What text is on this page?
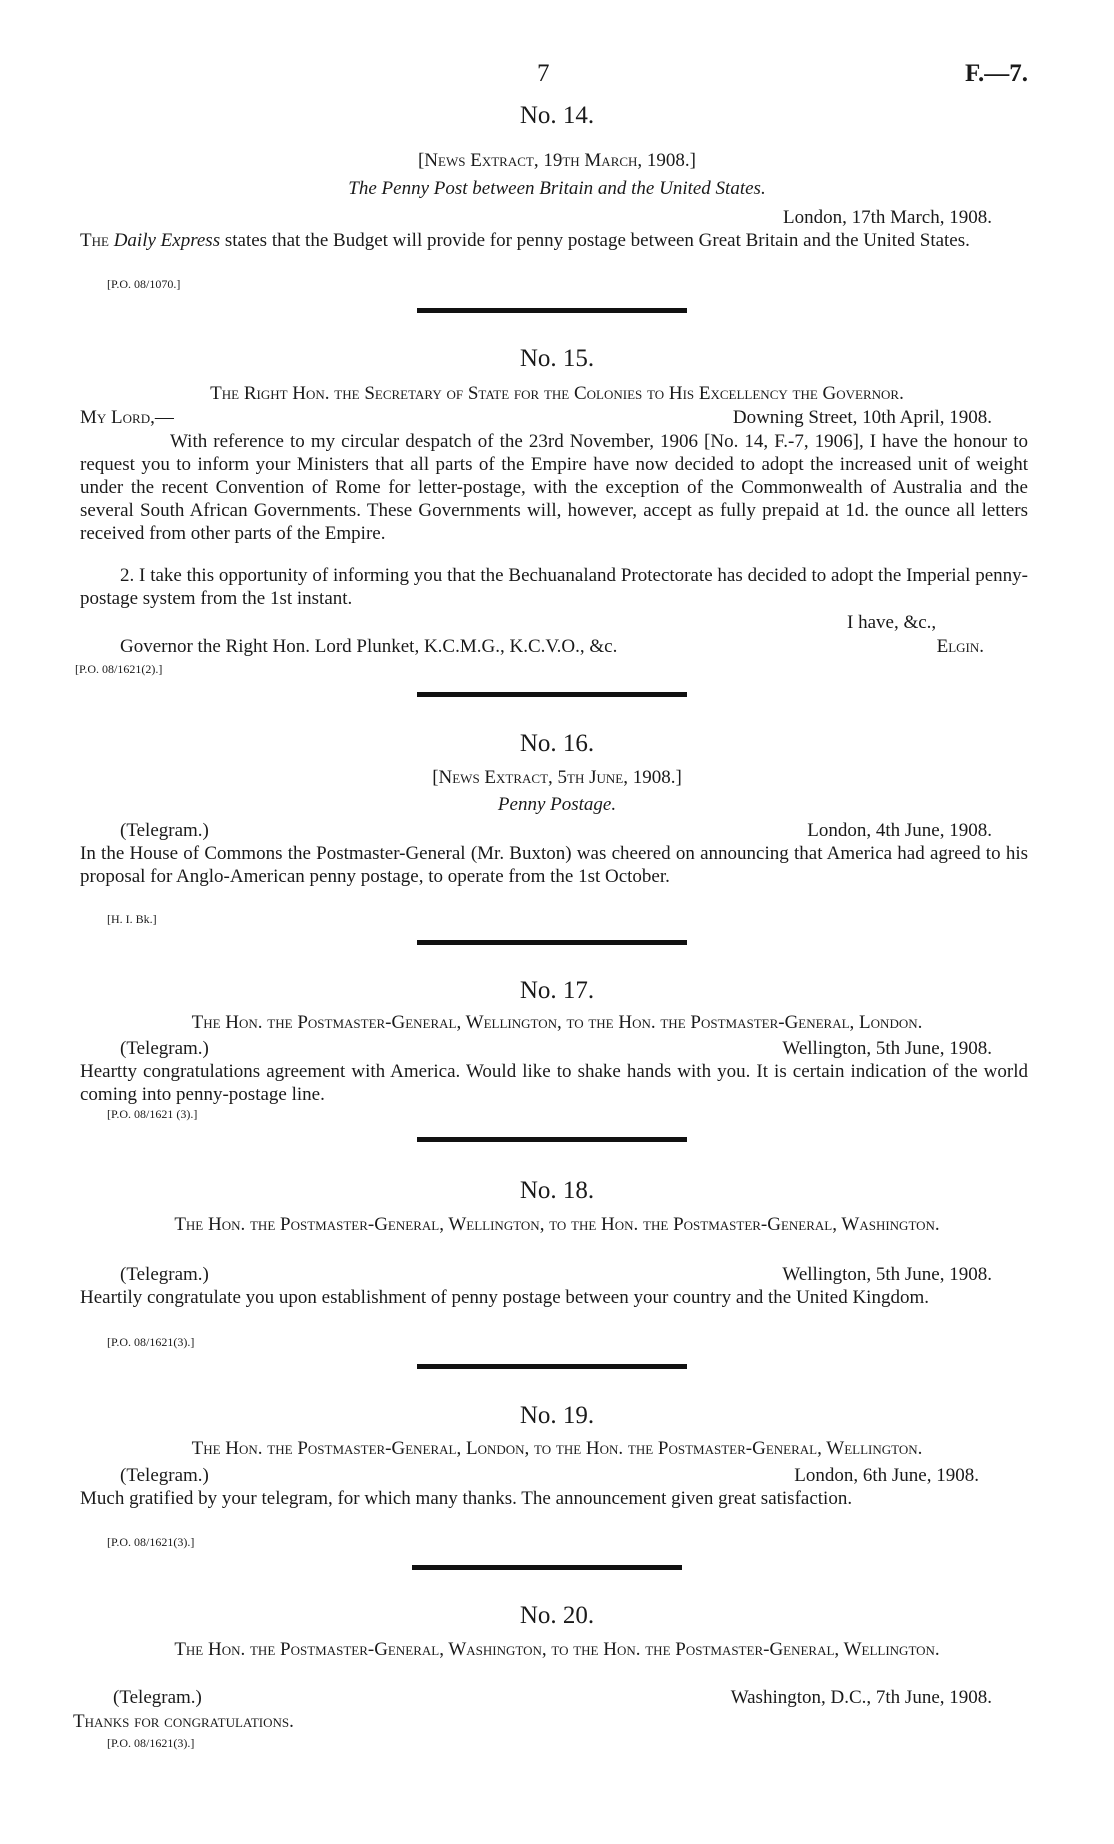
7	F.—7.
No. 14.
[News Extract, 19th March, 1908.]
The Penny Post between Britain and the United States.
London, 17th March, 1908.
The Daily Express states that the Budget will provide for penny postage between Great Britain and the United States.
[P.O. 08/1070.]
No. 15.
The Right Hon. the Secretary of State for the Colonies to His Excellency the Governor.
My Lord,—	Downing Street, 10th April, 1908.
With reference to my circular despatch of the 23rd November, 1906 [No. 14, F.-7, 1906], I have the honour to request you to inform your Ministers that all parts of the Empire have now decided to adopt the increased unit of weight under the recent Convention of Rome for letter-postage, with the exception of the Commonwealth of Australia and the several South African Governments. These Governments will, however, accept as fully prepaid at 1d. the ounce all letters received from other parts of the Empire.
2. I take this opportunity of informing you that the Bechuanaland Protectorate has decided to adopt the Imperial penny-postage system from the 1st instant.
I have, &c.,
Governor the Right Hon. Lord Plunket, K.C.M.G., K.C.V.O., &c.	Elgin.
[P.O. 08/1621(2).]
No. 16.
[News Extract, 5th June, 1908.]
Penny Postage.
(Telegram.)	London, 4th June, 1908.
In the House of Commons the Postmaster-General (Mr. Buxton) was cheered on announcing that America had agreed to his proposal for Anglo-American penny postage, to operate from the 1st October.
[H. I. Bk.]
No. 17.
The Hon. the Postmaster-General, Wellington, to the Hon. the Postmaster-General, London.
(Telegram.)	Wellington, 5th June, 1908.
Heartty congratulations agreement with America. Would like to shake hands with you. It is certain indication of the world coming into penny-postage line.
[P.O. 08/1621 (3).]
No. 18.
The Hon. the Postmaster-General, Wellington, to the Hon. the Postmaster-General, Washington.
(Telegram.)	Wellington, 5th June, 1908.
Heartily congratulate you upon establishment of penny postage between your country and the United Kingdom.
[P.O. 08/1621(3).]
No. 19.
The Hon. the Postmaster-General, London, to the Hon. the Postmaster-General, Wellington.
(Telegram.)	London, 6th June, 1908.
Much gratified by your telegram, for which many thanks. The announcement given great satisfaction.
[P.O. 08/1621(3).]
No. 20.
The Hon. the Postmaster-General, Washington, to the Hon. the Postmaster-General, Wellington.
(Telegram.)	Washington, D.C., 7th June, 1908.
Thanks for congratulations.
[P.O. 08/1621(3).]
